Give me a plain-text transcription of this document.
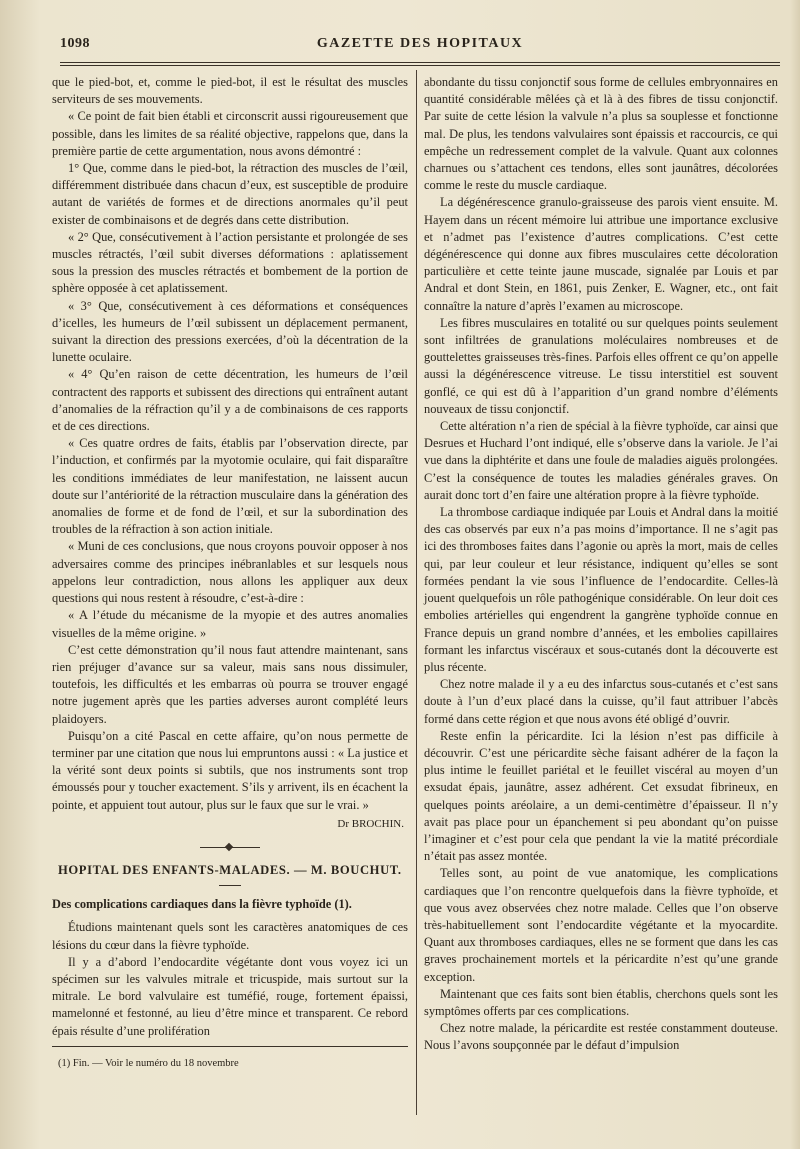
1098	GAZETTE DES HOPITAUX

que le pied-bot, et, comme le pied-bot, il est le résultat des muscles serviteurs de ses mouvements.

« Ce point de fait bien établi et circonscrit aussi rigoureusement que possible, dans les limites de sa réalité objective, rappelons que, dans la première partie de cette argumentation, nous avons démontré :

1° Que, comme dans le pied-bot, la rétraction des muscles de l’œil, différemment distribuée dans chacun d’eux, est susceptible de produire autant de variétés de formes et de directions anormales qu’il peut exister de combinaisons et de degrés dans cette distribution.

« 2° Que, consécutivement à l’action persistante et prolongée de ses muscles rétractés, l’œil subit diverses déformations : aplatissement sous la pression des muscles rétractés et bombement de la portion de sphère opposée à cet aplatissement.

« 3° Que, consécutivement à ces déformations et conséquences d’icelles, les humeurs de l’œil subissent un déplacement permanent, suivant la direction des pressions exercées, d’où la décentration de la lunette oculaire.

« 4° Qu’en raison de cette décentration, les humeurs de l’œil contractent des rapports et subissent des directions qui entraînent autant d’anomalies de la réfraction qu’il y a de combinaisons de ces rapports et de ces directions.

« Ces quatre ordres de faits, établis par l’observation directe, par l’induction, et confirmés par la myotomie oculaire, qui fait disparaître les conditions immédiates de leur manifestation, ne laissent aucun doute sur l’antériorité de la rétraction musculaire dans la génération des anomalies de forme et de fond de l’œil, et sur la subordination des troubles de la réfraction à son action initiale.

« Muni de ces conclusions, que nous croyons pouvoir opposer à nos adversaires comme des principes inébranlables et sur lesquels nous appelons leur contradiction, nous allons les appliquer aux deux questions qui nous restent à résoudre, c’est-à-dire :

« A l’étude du mécanisme de la myopie et des autres anomalies visuelles de la même origine. »

C’est cette démonstration qu’il nous faut attendre maintenant, sans rien préjuger d’avance sur sa valeur, mais sans nous dissimuler, toutefois, les difficultés et les embarras où pourra se trouver engagé notre jugement après que les parties adverses auront complété leurs plaidoyers.

Puisqu’on a cité Pascal en cette affaire, qu’on nous permette de terminer par une citation que nous lui empruntons aussi : « La justice et la vérité sont deux points si subtils, que nos instruments sont trop émoussés pour y toucher exactement. S’ils y arrivent, ils en écachent la pointe, et appuient tout autour, plus sur le faux que sur le vrai. »

Dr BROCHIN.
HOPITAL DES ENFANTS-MALADES. — M. BOUCHUT.

Des complications cardiaques dans la fièvre typhoïde (1).

Étudions maintenant quels sont les caractères anatomiques de ces lésions du cœur dans la fièvre typhoïde.

Il y a d’abord l’endocardite végétante dont vous voyez ici un spécimen sur les valvules mitrale et tricuspide, mais surtout sur la mitrale. Le bord valvulaire est tuméfié, rouge, fortement épaissi, mamelonné et festonné, au lieu d’être mince et transparent. Ce rebord épais résulte d’une prolifération

(1) Fin. — Voir le numéro du 18 novembre

abondante du tissu conjonctif sous forme de cellules embryonnaires en quantité considérable mêlées çà et là à des fibres de tissu conjonctif. Par suite de cette lésion la valvule n’a plus sa souplesse et fonctionne mal. De plus, les tendons valvulaires sont épaissis et raccourcis, ce qui empêche un redressement complet de la valvule. Quant aux colonnes charnues ou s’attachent ces tendons, elles sont jaunâtres, décolorées comme le reste du muscle cardiaque.

La dégénérescence granulo-graisseuse des parois vient ensuite. M. Hayem dans un récent mémoire lui attribue une importance exclusive et n’admet pas l’existence d’autres complications. C’est cette dégénérescence qui donne aux fibres musculaires cette décoloration particulière et cette teinte jaune muscade, signalée par Louis et par Andral et dont Stein, en 1861, puis Zenker, E. Wagner, etc., ont fait connaître la nature d’après l’examen au microscope.

Les fibres musculaires en totalité ou sur quelques points seulement sont infiltrées de granulations moléculaires nombreuses et de gouttelettes graisseuses très-fines. Parfois elles offrent ce qu’on appelle aussi la dégénérescence vitreuse. Le tissu interstitiel est souvent gonflé, ce qui est dû à l’apparition d’un grand nombre d’éléments nouveaux de tissu conjonctif.

Cette altération n’a rien de spécial à la fièvre typhoïde, car ainsi que Desrues et Huchard l’ont indiqué, elle s’observe dans la variole. Je l’ai vue dans la diphtérite et dans une foule de maladies aiguës prolongées. C’est la conséquence de toutes les maladies générales graves. On aurait donc tort d’en faire une altération propre à la fièvre typhoïde.

La thrombose cardiaque indiquée par Louis et Andral dans la moitié des cas observés par eux n’a pas moins d’importance. Il ne s’agit pas ici des thromboses faites dans l’agonie ou après la mort, mais de celles qui, par leur couleur et leur résistance, indiquent qu’elles se sont formées pendant la vie sous l’influence de l’endocardite. Celles-là jouent quelquefois un rôle pathogénique considérable. On leur doit ces embolies artérielles qui engendrent la gangrène typhoïde connue en France depuis un grand nombre d’années, et les embolies capillaires formant les infarctus viscéraux et sous-cutanés dont la découverte est plus récente.

Chez notre malade il y a eu des infarctus sous-cutanés et c’est sans doute à l’un d’eux placé dans la cuisse, qu’il faut attribuer l’abcès formé dans cette région et que nous avons été obligé d’ouvrir.

Reste enfin la péricardite. Ici la lésion n’est pas difficile à découvrir. C’est une péricardite sèche faisant adhérer de la façon la plus intime le feuillet pariétal et le feuillet viscéral au moyen d’un exsudat épais, jaunâtre, assez adhérent. Cet exsudat fibrineux, en quelques points aréolaire, a un demi-centimètre d’épaisseur. Il n’y avait pas place pour un épanchement si peu abondant qu’on puisse l’imaginer et c’est pour cela que pendant la vie la matité précordiale n’était pas assez montée.

Telles sont, au point de vue anatomique, les complications cardiaques que l’on rencontre quelquefois dans la fièvre typhoïde, et que vous avez observées chez notre malade. Celles que l’on observe très-habituellement sont l’endocardite végétante et la myocardite. Quant aux thromboses cardiaques, elles ne se forment que dans les cas graves prochainement mortels et la péricardite n’est qu’une grande exception.

Maintenant que ces faits sont bien établis, cherchons quels sont les symptômes offerts par ces complications.

Chez notre malade, la péricardite est restée constamment douteuse. Nous l’avons soupçonnée par le défaut d’impulsion
